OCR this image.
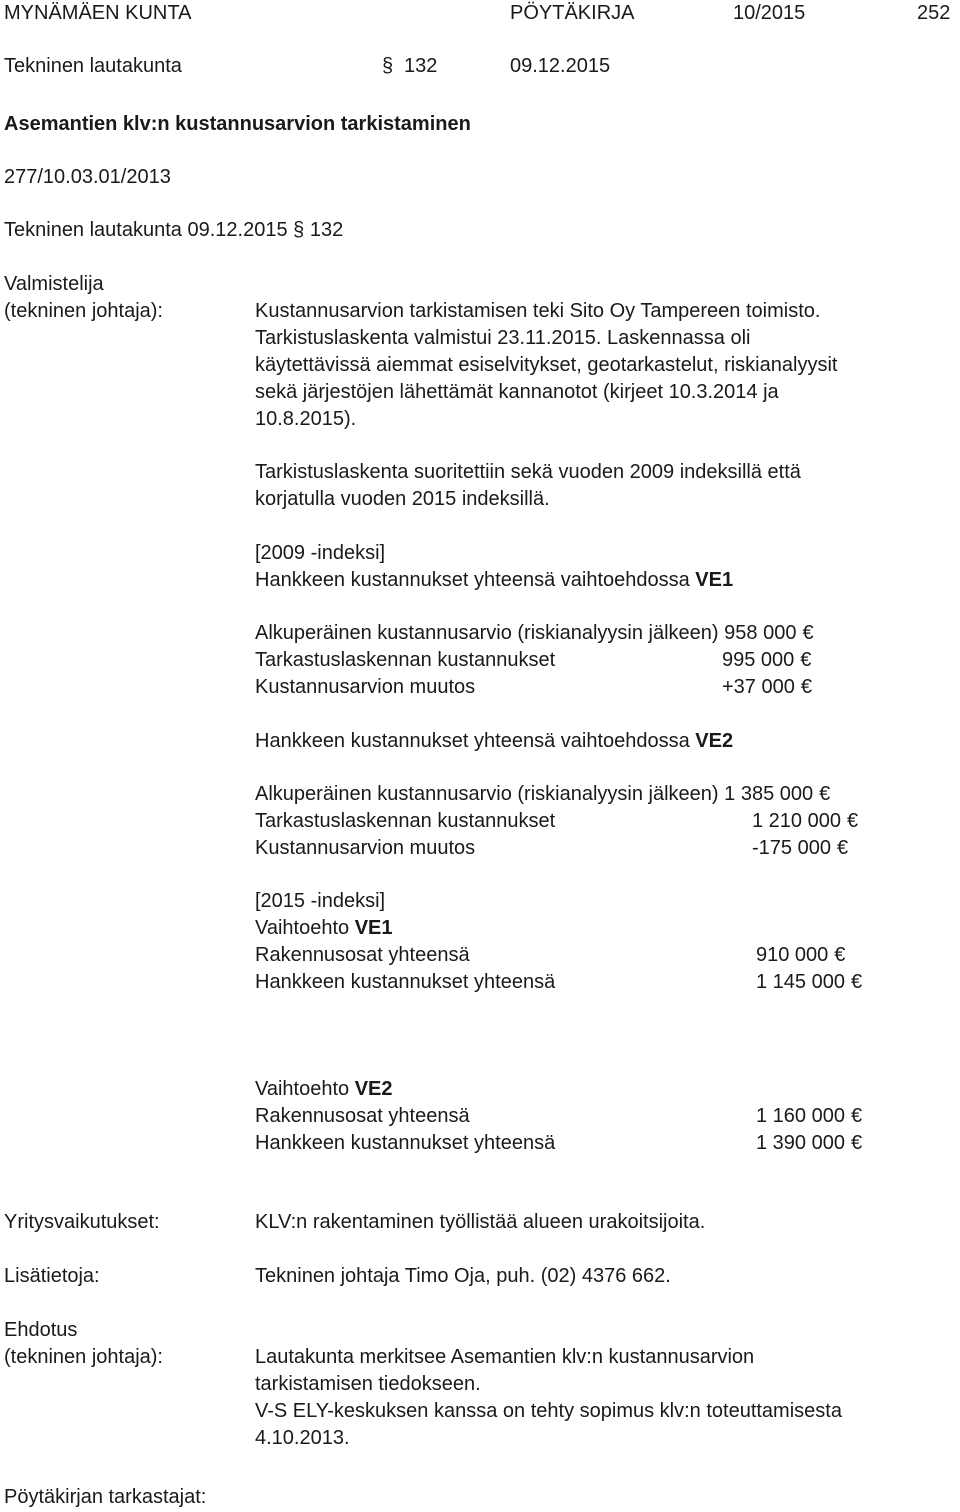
MYNÄMÄEN KUNTA	PÖYTÄKIRJA	10/2015	252
Tekninen lautakunta	§ 132	09.12.2015
Asemantien klv:n kustannusarvion tarkistaminen
277/10.03.01/2013
Tekninen lautakunta 09.12.2015 § 132
Valmistelija
(tekninen johtaja):	Kustannusarvion tarkistamisen teki Sito Oy Tampereen toimisto.
Tarkistuslaskenta valmistui 23.11.2015. Laskennassa oli
käytettävissä aiemmat esiselvitykset, geotarkastelut, riskianalyysit
sekä järjestöjen lähettämät kannanotot (kirjeet 10.3.2014 ja
10.8.2015).
Tarkistuslaskenta suoritettiin sekä vuoden 2009 indeksillä että
korjatulla vuoden 2015 indeksillä.
[2009 -indeksi]
Hankkeen kustannukset yhteensä vaihtoehdossa VE1
Alkuperäinen kustannusarvio (riskianalyysin jälkeen) 958 000 €
Tarkastuslaskennan kustannukset	995 000 €
Kustannusarvion muutos	+37 000 €
Hankkeen kustannukset yhteensä vaihtoehdossa VE2
Alkuperäinen kustannusarvio (riskianalyysin jälkeen) 1 385 000 €
Tarkastuslaskennan kustannukset	1 210 000 €
Kustannusarvion muutos	-175 000 €
[2015 -indeksi]
Vaihtoehto VE1
Rakennusosat yhteensä	910 000 €
Hankkeen kustannukset yhteensä	1 145 000 €
Vaihtoehto VE2
Rakennusosat yhteensä	1 160 000 €
Hankkeen kustannukset yhteensä	1 390 000 €
Yritysvaikutukset:	KLV:n rakentaminen työllistää alueen urakoitsijoita.
Lisätietoja:	Tekninen johtaja Timo Oja, puh. (02) 4376 662.
Ehdotus
(tekninen johtaja):	Lautakunta merkitsee Asemantien klv:n kustannusarvion
tarkistamisen tiedokseen.
V-S ELY-keskuksen kanssa on tehty sopimus klv:n toteuttamisesta
4.10.2013.
Pöytäkirjan tarkastajat:
